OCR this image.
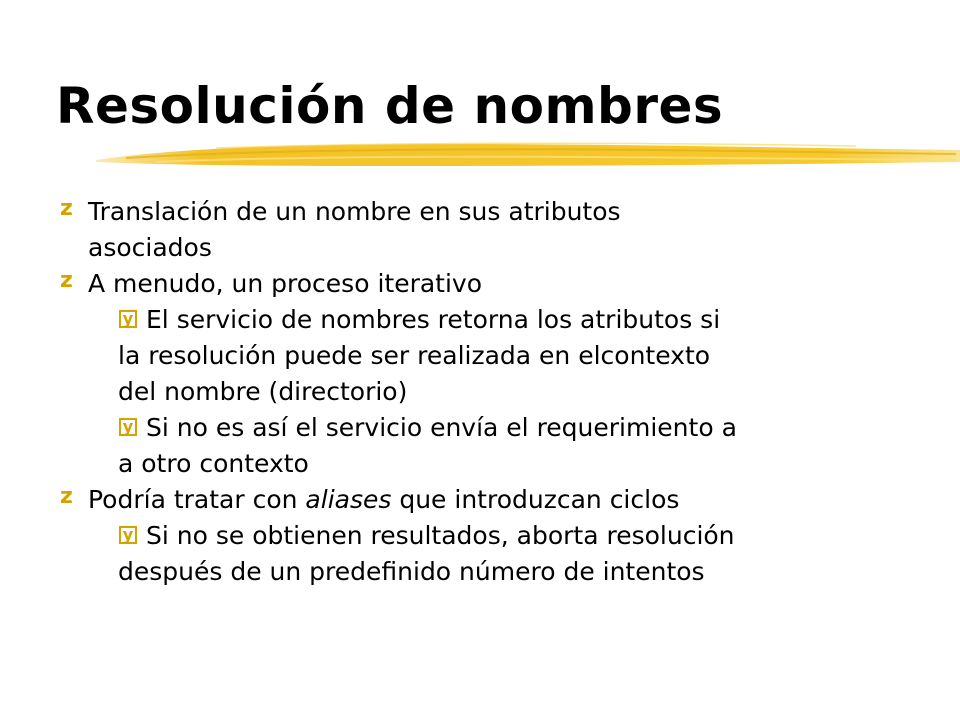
Resolución de nombres
z Translación de un nombre en sus atributos
asociados
z A menudo, un proceso iterativo
y El servicio de nombres retorna los atributos si
la resolución puede ser realizada en elcontexto
del nombre (directorio)
y Si no es así el servicio envía el requerimiento a
a otro contexto
z Podría tratar con aliases que introduzcan ciclos
y Si no se obtienen resultados, aborta resolución
después de un predefinido número de intentos
